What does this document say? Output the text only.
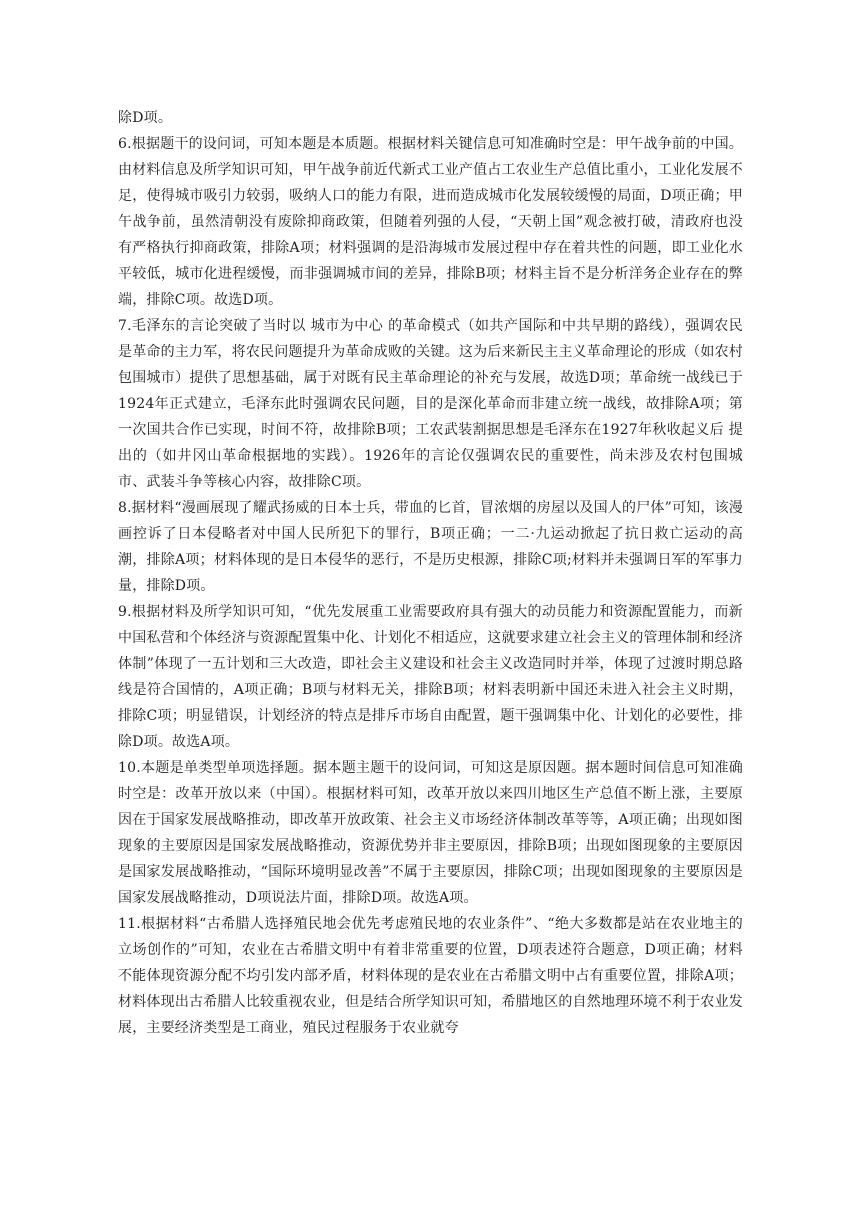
除D项。

6.根据题干的设问词，可知本题是本质题。根据材料关键信息可知准确时空是：甲午战争前的中国。由材料信息及所学知识可知，甲午战争前近代新式工业产值占工农业生产总值比重小，工业化发展不足，使得城市吸引力较弱，吸纳人口的能力有限，进而造成城市化发展较缓慢的局面，D项正确；甲午战争前，虽然清朝没有废除抑商政策，但随着列强的人侵，“天朝上国”观念被打破，清政府也没有严格执行抑商政策，排除A项；材料强调的是沿海城市发展过程中存在着共性的问题，即工业化水平较低，城市化进程缓慢，而非强调城市间的差异，排除B项；材料主旨不是分析洋务企业存在的弊端，排除C项。故选D项。

7.毛泽东的言论突破了当时以 城市为中心 的革命模式（如共产国际和中共早期的路线），强调农民是革命的主力军，将农民问题提升为革命成败的关键。这为后来新民主主义革命理论的形成（如农村包围城市）提供了思想基础，属于对既有民主革命理论的补充与发展，故选D项；革命统一战线已于1924年正式建立，毛泽东此时强调农民问题，目的是深化革命而非建立统一战线，故排除A项；第一次国共合作已实现，时间不符，故排除B项；工农武装割据思想是毛泽东在1927年秋收起义后 提出的（如井冈山革命根据地的实践）。1926年的言论仅强调农民的重要性，尚未涉及农村包围城市、武装斗争等核心内容，故排除C项。

8.据材料“漫画展现了耀武扬威的日本士兵，带血的匕首，冒浓烟的房屋以及国人的尸体”可知，该漫画控诉了日本侵略者对中国人民所犯下的罪行，B项正确；一二·九运动掀起了抗日救亡运动的高潮，排除A项；材料体现的是日本侵华的恶行，不是历史根源，排除C项;材料并未强调日军的军事力量，排除D项。

9.根据材料及所学知识可知，“优先发展重工业需要政府具有强大的动员能力和资源配置能力，而新中国私营和个体经济与资源配置集中化、计划化不相适应，这就要求建立社会主义的管理体制和经济体制”体现了一五计划和三大改造，即社会主义建设和社会主义改造同时并举，体现了过渡时期总路线是符合国情的，A项正确；B项与材料无关，排除B项；材料表明新中国还未进入社会主义时期，排除C项；明显错误，计划经济的特点是排斥市场自由配置，题干强调集中化、计划化的必要性，排除D项。故选A项。

10.本题是单类型单项选择题。据本题主题干的设问词，可知这是原因题。据本题时间信息可知准确时空是：改革开放以来（中国）。根据材料可知，改革开放以来四川地区生产总值不断上涨，主要原因在于国家发展战略推动，即改革开放政策、社会主义市场经济体制改革等等，A项正确；出现如图现象的主要原因是国家发展战略推动，资源优势并非主要原因，排除B项；出现如图现象的主要原因是国家发展战略推动，“国际环境明显改善”不属于主要原因，排除C项；出现如图现象的主要原因是国家发展战略推动，D项说法片面，排除D项。故选A项。

11.根据材料“古希腊人选择殖民地会优先考虑殖民地的农业条件”、“绝大多数都是站在农业地主的立场创作的”可知，农业在古希腊文明中有着非常重要的位置，D项表述符合题意，D项正确；材料不能体现资源分配不均引发内部矛盾，材料体现的是农业在古希腊文明中占有重要位置，排除A项；材料体现出古希腊人比较重视农业，但是结合所学知识可知，希腊地区的自然地理环境不利于农业发展，主要经济类型是工商业，殖民过程服务于农业就夸
